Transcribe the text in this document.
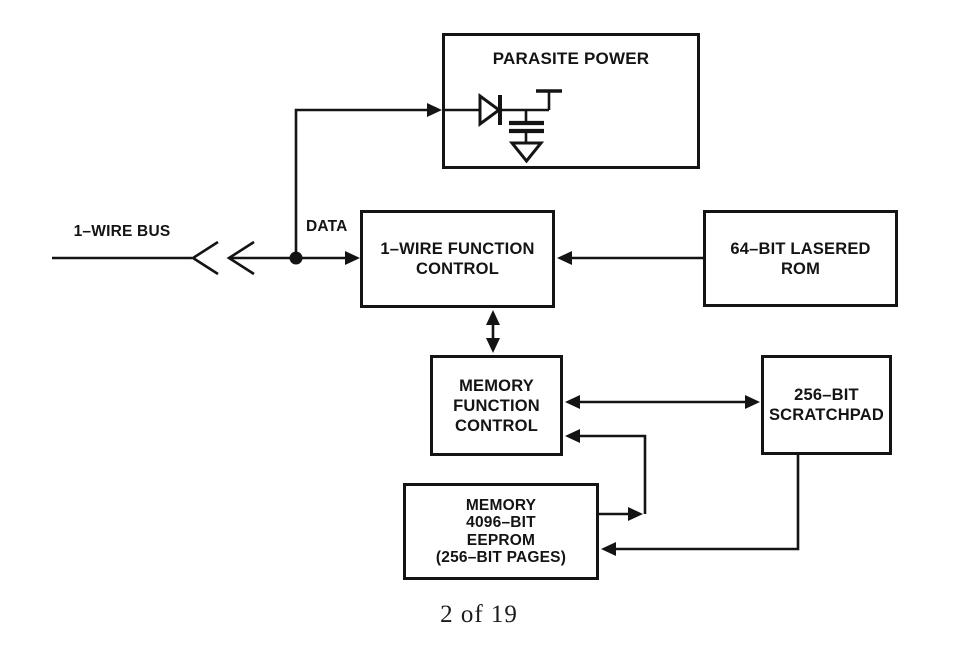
PARASITE POWER
1–WIRE FUNCTION
CONTROL
64–BIT LASERED
ROM
MEMORY
FUNCTION
CONTROL
256–BIT
SCRATCHPAD
MEMORY
4096–BIT
EEPROM
(256–BIT PAGES)
1–WIRE BUS	DATA
2 of 19
